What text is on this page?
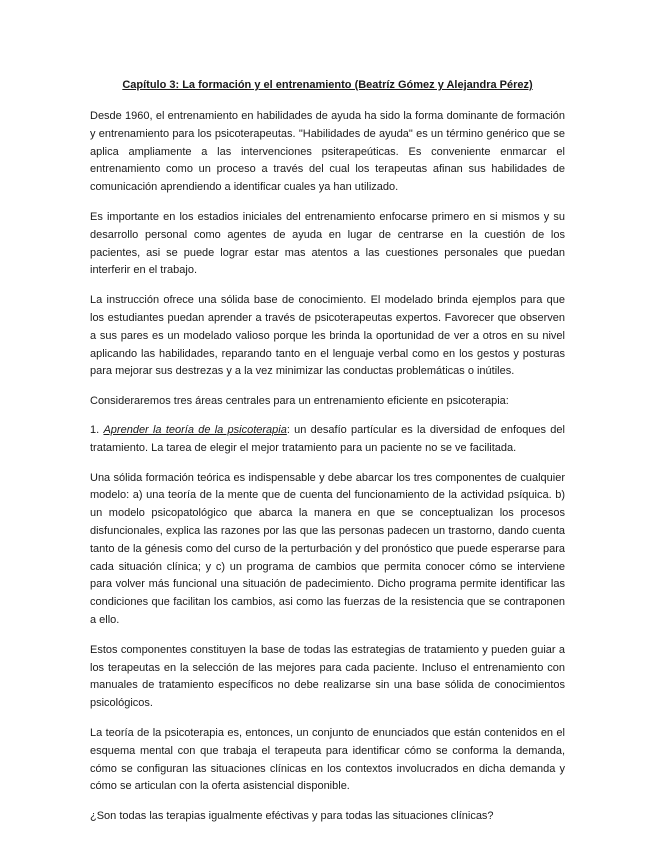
Capítulo 3: La formación y el entrenamiento (Beatríz Gómez y Alejandra Pérez)

Desde 1960, el entrenamiento en habilidades de ayuda ha sido la forma dominante de formación y entrenamiento para los psicoterapeutas. "Habilidades de ayuda" es un término genérico que se aplica ampliamente a las intervenciones psiterapeúticas. Es conveniente enmarcar el entrenamiento como un proceso a través del cual los terapeutas afinan sus habilidades de comunicación aprendiendo a identificar cuales ya han utilizado.

Es importante en los estadios iniciales del entrenamiento enfocarse primero en si mismos y su desarrollo personal como agentes de ayuda en lugar de centrarse en la cuestión de los pacientes, asi se puede lograr estar mas atentos a las cuestiones personales que puedan interferir en el trabajo.

La instrucción ofrece una sólida base de conocimiento. El modelado brinda ejemplos para que los estudiantes puedan aprender a través de psicoterapeutas expertos. Favorecer que observen a sus pares es un modelado valioso porque les brinda la oportunidad de ver a otros en su nivel aplicando las habilidades, reparando tanto en el lenguaje verbal como en los gestos y posturas para mejorar sus destrezas y a la vez minimizar las conductas problemáticas o inútiles.

Consideraremos tres áreas centrales para un entrenamiento eficiente en psicoterapia:

1. Aprender la teoría de la psicoterapia: un desafío partícular es la diversidad de enfoques del tratamiento. La tarea de elegir el mejor tratamiento para un paciente no se ve facilitada.

Una sólida formación teórica es indispensable y debe abarcar los tres componentes de cualquier modelo: a) una teoría de la mente que de cuenta del funcionamiento de la actividad psíquica. b) un modelo psicopatológico que abarca la manera en que se conceptualizan los procesos disfuncionales, explica las razones por las que las personas padecen un trastorno, dando cuenta tanto de la génesis como del curso de la perturbación y del pronóstico que puede esperarse para cada situación clínica; y c) un programa de cambios que permita conocer cómo se interviene para volver más funcional una situación de padecimiento. Dicho programa permite identificar las condiciones que facilitan los cambios, asi como las fuerzas de la resistencia que se contraponen a ello.

Estos componentes constituyen la base de todas las estrategias de tratamiento y pueden guiar a los terapeutas en la selección de las mejores para cada paciente. Incluso el entrenamiento con manuales de tratamiento específicos no debe realizarse sin una base sólida de conocimientos psicológicos.

La teoría de la psicoterapia es, entonces, un conjunto de enunciados que están contenidos en el esquema mental con que trabaja el terapeuta para identificar cómo se conforma la demanda, cómo se configuran las situaciones clínicas en los contextos involucrados en dicha demanda y cómo se articulan con la oferta asistencial disponible.

¿Son todas las terapias igualmente eféctivas y para todas las situaciones clínicas?
